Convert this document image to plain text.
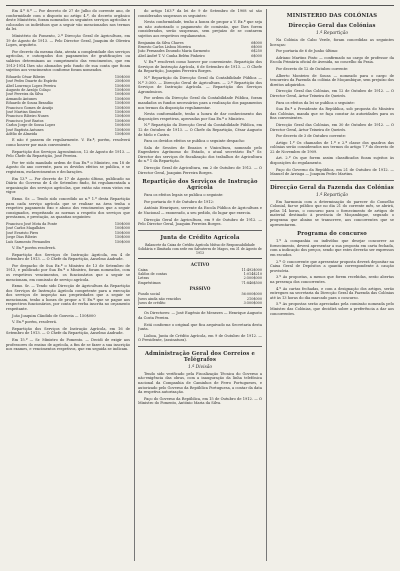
Em 4.º 8.º — Por decreto de 27 de Julho do corrente ano, de conformidade com o disposto no artigo 4.º, do decreto orgânico deste Ministério, foram nomeados os seguintes serviços agrícolas e colocados os indivíduos que a seguir vão mencionados nos termos da lei.

Ministério do Fomento, 2.ª Direcção Geral de Agricultura, em 19 de Agosto de 1913. — Pelo Director Geral, Joaquim de Oliveira Lopes, arquiteto.

Por decreto da mesma data, atenta a complexidade dos serviços agrícolas, e outorgados dos pagamentos de gratificações ou salários determinam ao cumprimento das vencimentos, que em 1913-1914 lhes são abonados pelo fundo de sua conta que ficam sujeitos aos vencimentos conforme foram nomeados.

Eduardo César Ribeiro	150$000
José Pedro Duarte do Espírito	250$000
Abel Lourenço Lopes Pereira	150$000
Augusto de Araújo Colaço	150$000
José Ferreira da Silva	100$000
Armando Antunes	150$000
Eduardo de Sousa Brandão	150$000
Francisco Gomes de Araújo	150$000
José Martins Simões	150$000
Francisco Ribeiro Nunes	150$000
Francisco José Bastos	150$000
Carlos Jorge de Sousa Lopes	100$000
José Baptista Antunes	150$000
Adélio de Almeida	150$000

E não é passem de regularmente. V. Ex.ª, porém, resolverá como houver por mais conveniente.

Repartição dos Serviços Agronómicos, 12 de Agosto de 1913. — Pelo Chefe da Repartição, José Pereira.

Por ter sido mandado ordem de Sua Ex.ª o Ministro, em 18 de Agosto do ano corrente, para os devidos efeitos se publica, e se registram, esclarecimentos e declarações.

Em 13.º — Por decreto de 17 de Agosto último, publicado no Diário do Governo de 4 de Setembro findo, foi regulamentada a organização dos serviços agrícolas, que então não eram vistos em vigor.

Exmo. Sr. — Tendo sido concedido ao n.º 1.º desta Repartição para cada serviço agrícola que se realizar na área tenha o respetivo pagamento fixo e abono dos vencimentos que a seguir consignados, respeitando as normas a respeito dos serviços que prestaram, e prestação, as quantias seguintes:

Francisco José Mota da Ponte	150$000
José Carlos Magalhães	100$000
José Evaristo Pires	150$000
Jorge Dias Ribeiro	150$000
Luís Sarmento Fernandes	150$000

V. Ex.ª porém resolverá.

Repartição dos Serviços de Instrução Agrícola, em 4 de Setembro de 1913. — O Chefe da Repartição, Anselmo Andrade.

Por despacho de Sua Ex.ª o Ministro de 13 de Setembro de 1913, e publicado por Sua Ex.ª o Ministro, foram nomeados, com os respetivos vencimentos, os funcionários que a seguir se mencionam, em comissão de serviço agrícola.

Exmo. Sr. — Tendo sido Direcção de Agricultura da Repartição dos Serviços de Instrução Agrícola competente para a execução dos serviços de inspeção nas propriedades que a seguir se mencionam, tenho a honra de propor a V. Ex.ª que se pague aos respectivos funcionários, por conta de verba inscrita no orçamento respeitante.

João Joaquim Cândido de Gouveia — 150$000

V. Ex.ª porém, resolverá.

Repartição dos Serviços de Instrução Agrícola, em 16 de Setembro de 1913. — O Chefe da Repartição, Anselmo Andrade.

Em 15.º — Sr. Ministro do Fomento. — Decidi de exigir aos professores do ensino de agrícola, a fim de se fazer a sua inscrição nos exames, e vencimentos respetivos, que em seguida se indicam.

do artigo 163.º da lei de 9 de Setembro de 1908 só são considerados suspensos os seguintes:

Nesta conformidade, tenho a honra de propor a V. Ex.ª que seja ou não autorizado o pagamento de comissão, que lhes forem considerados, serão suspensas, sem prejuízo de se contarem sujeitos aos respetivos regulamentos.

Benjamim da Silva Chaves	6$000
Ernesto Carlos Lisboa Moreira	6$000
João Fernandes Dourado Maria Sarmento	6$250
Abel André T. V. Cunha Belém Pinheiro	6$000

V. Ex.ª resolverá como houver por conveniente. Repartição dos Serviços de Instrução Agrícola, 6 de Setembro de 1913. — O Chefe da Repartição, Joaquim Ferreira Borges.

N.º Repartição da Direcção Geral da Contabilidade Pública — N.º 3:300. — Direcção Geral de Agricultura. — 2.ª Repartição dos Serviços de Instrução Agrícola. — Repartição dos Serviços Agronómicos.

Por ordem da Direcção Geral da Contabilidade Pública, foram mandados os fundos necessários para a realização dos pagamentos nos termos da disposição regulamentar.

Nesta conformidade, tenho a honra de dar conhecimento das disposições respetivas, aprovadas por Sua Ex.ª o Ministro.

N.º Repartição da Direcção Geral da Contabilidade Pública, em 12 de Outubro de 1913. — O Chefe da Repartição, César Augusto de Melo e Castro.

Para os devidos efeitos se publica o seguinte despacho:

Sala de Sessões de Ensaios e Vinicultura, nomeado pelo Engenheiro Agrónomo do Estado, o atual secretário Ex.º Sr. Director dos serviços de fiscalização dos trabalhos de Agricultura do n.º 1 da Repartição.

Direcção Geral de Agricultura, em 2 de Outubro de 1912. — O Director Geral, Joaquim Ferreira Borges.

Repartição dos Serviços de Instrução Agrícola

Para os efeitos legais se publica o seguinte:

Por portaria de 9 de Outubro de 1912:

António Henriques, servente da Escola Pública de Agricultura e de Nacional — exonerado, a seu pedido, do lugar que exercia.

Direcção Geral de Agricultura, em 9 de Outubro de 1912. — Pelo Director Geral, Joaquim Ferreira Borges.

Junta de Crédito Agrícola

Balancete da Caixa de Crédito Agrícola Mútuo de Responsabilidade Solidária e Ilimitada com sede em Salvaterra de Magos, em 31 de Agosto de 1913

ACTIVO
Caixa	11:492$000
Saldos de contas	1:014$210
Letras	2:500$000
Empréstimos	71:846$500
PASSIVO
Fundo social	56:000$000
Juros ainda não vencidos	210$000
Juros de crédito	3:500$000

Os Directores: — José Eugénio de Menezes — Henrique Augusto da Costa Pereira.

Está conforme o original que fica arquivado na Secretaria desta Junta.

Lisboa, Junta de Crédito Agrícola, em 9 de Outubro de 1912. — O Presidente, (assinatura).

Administração Geral dos Correios e Telégrafos
1.ª Divisão

Tendo sido verificado pela Fiscalização Técnica do Governo a não-exigência das obras, com a inauguração da linha telefónica nacional da Companhia de Caminhos de Ferro Portugueses, e autorizado pelo Governo da República Portuguesa, a contar da data da respetiva autorização.

Paço do Governo da República, em 15 de Outubro de 1912. — O Ministro do Fomento, António Maria da Silva.

MINISTERIO DAS COLÓNIAS
Direcção Geral das Colónias
1.ª Repartição

Na Colónia de Cabo Verde, foram concedidas as seguintes licenças:

Por portaria de 6 de Junho último:

Adriano Martins Pinto — confirmado no cargo de professor da Escola Primária oficial de Avenida, no concelho da Praia.

Por decreto de 12 de Outubro corrente:

Alberto Monteiro de Sousa — nomeado para o cargo de tesoureiro da Fazenda da colónia de Moçambique, sem prejuízo dos direitos adquiridos.

Direcção Geral das Colónias, em 12 de Outubro de 1912. — O Director Geral, Artur Teixeira de Queirós.

Para os efeitos da lei se publica o seguinte:

Sua Ex.ª o Presidente da República, sob proposta do Ministro das Colónias, manda que se faça constar às autoridades para os fins convenientes.

Direcção Geral das Colónias, em 30 de Outubro de 1912. — O Director Geral, Artur Teixeira de Queirós.

Por decreto de 3 de Outubro corrente:

Artigo 1.º Os chamados de 1.ª e 2.ª classe dos quadros das colónias serão considerados nos termos do artigo 7.º do decreto de 22 de Novembro de 1909.

Art. 2.º Os que forem assim classificados ficam sujeitos às disposições do regulamento.

Paço do Governo da República, em 21 de Outubro de 1912. — Manuel de Arriaga — Joaquim Pedro Martins.

Direcção Geral da Fazenda das Colónias
1.ª Repartição

Em harmonia com a determinação do parecer do Conselho Colonial, faz-se público que no dia 21 do corrente mês, se abrirá, pelas 14 horas, o concurso para o fornecimento de artigos de material destinado à província de Moçambique, segundo o programa que abaixo se transcreve, aos concorrentes que se apresentarem.

Programa do concurso

1.º A companhia ou indivíduo que desejar concorrer ao fornecimento, deverá apresentar a sua proposta em carta fechada, com a indicação dos preços, sendo que estes deverão ser expressos em escudos.

2.º O concorrente que apresentar proposta deverá depositar na Caixa Geral de Depósitos a quantia correspondente à caução provisória.

3.º As propostas, a menos que forem recebidas, serão abertas na presença dos concorrentes.

4.º As cartas fechadas, e com a designação dos artigos, serão entregues na secretaria da Direcção Geral da Fazenda das Colónias até às 13 horas do dia marcado para o concurso.

5.º As propostas serão apreciadas pela comissão nomeada pelo Ministro das Colónias, que decidirá sobre a preferência a dar aos concorrentes.
